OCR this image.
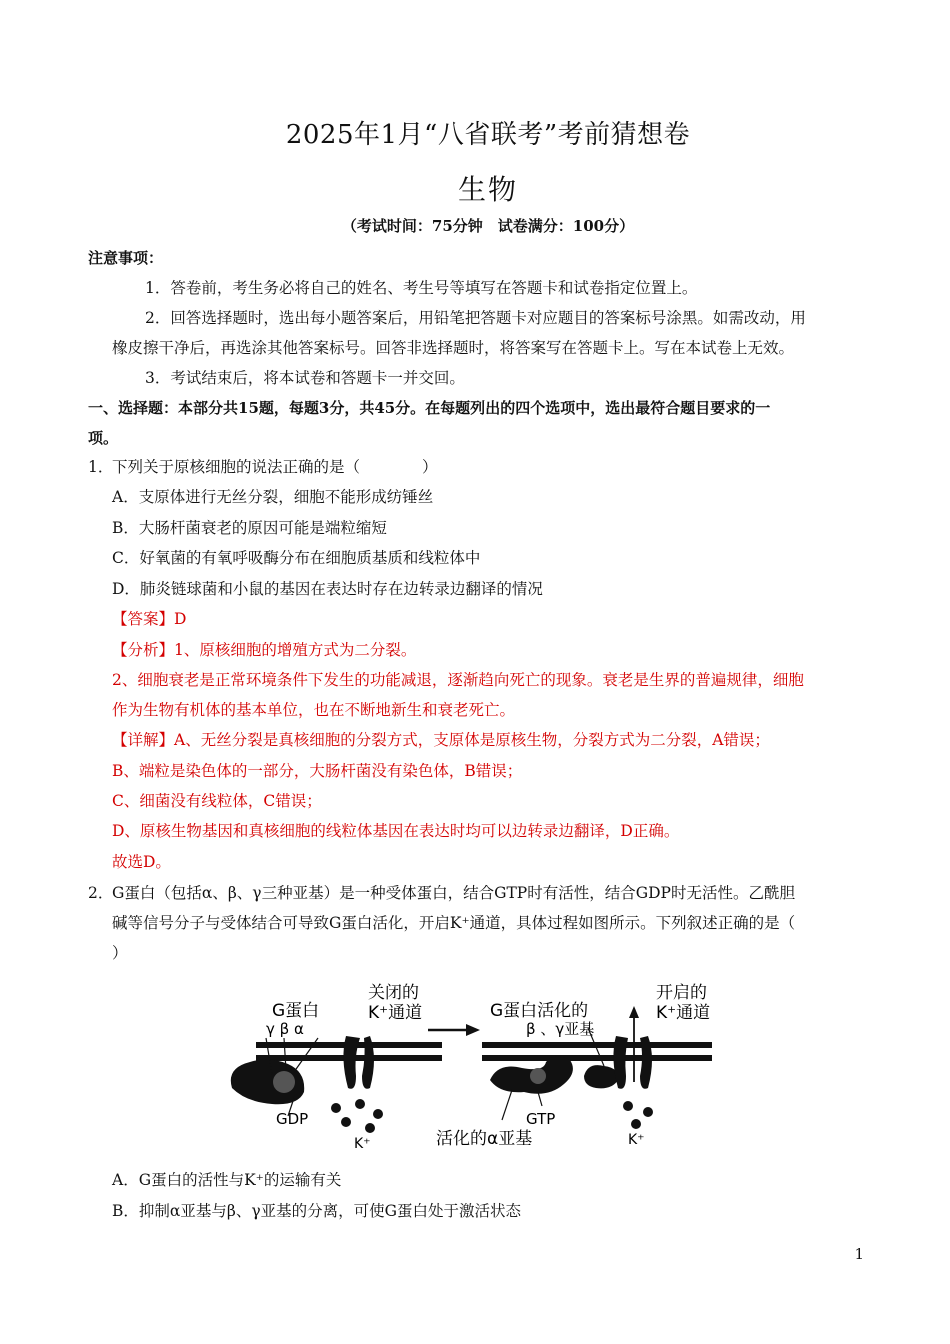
2025年1月“八省联考”考前猜想卷
生物
（考试时间：75分钟　试卷满分：100分）
注意事项：
1．答卷前，考生务必将自己的姓名、考生号等填写在答题卡和试卷指定位置上。
2．回答选择题时，选出每小题答案后，用铅笔把答题卡对应题目的答案标号涂黑。如需改动，用
橡皮擦干净后，再选涂其他答案标号。回答非选择题时，将答案写在答题卡上。写在本试卷上无效。
3．考试结束后，将本试卷和答题卡一并交回。
一、选择题：本部分共15题，每题3分，共45分。在每题列出的四个选项中，选出最符合题目要求的一
项。
1．
下列关于原核细胞的说法正确的是（　　　　）
A．支原体进行无丝分裂，细胞不能形成纺锤丝
B．大肠杆菌衰老的原因可能是端粒缩短
C．好氧菌的有氧呼吸酶分布在细胞质基质和线粒体中
D．肺炎链球菌和小鼠的基因在表达时存在边转录边翻译的情况
【答案】D
【分析】1、原核细胞的增殖方式为二分裂。
2、细胞衰老是正常环境条件下发生的功能减退，逐渐趋向死亡的现象。衰老是生界的普遍规律，细胞
作为生物有机体的基本单位，也在不断地新生和衰老死亡。
【详解】A、无丝分裂是真核细胞的分裂方式，支原体是原核生物，分裂方式为二分裂，A错误；
B、端粒是染色体的一部分，大肠杆菌没有染色体，B错误；
C、细菌没有线粒体，C错误；
D、原核生物基因和真核细胞的线粒体基因在表达时均可以边转录边翻译，D正确。
故选D。
2．
G蛋白（包括α、β、γ三种亚基）是一种受体蛋白，结合GTP时有活性，结合GDP时无活性。乙酰胆
碱等信号分子与受体结合可导致G蛋白活化，开启K⁺通道，具体过程如图所示。下列叙述正确的是（
）
G蛋白
γ β α
关闭的
K⁺通道	G蛋白活化的
β 、γ亚基
开启的
K⁺通道
GDP	GTP
K⁺	K⁺
活化的α亚基
A．G蛋白的活性与K⁺的运输有关
B．抑制α亚基与β、γ亚基的分离，可使G蛋白处于激活状态
1
